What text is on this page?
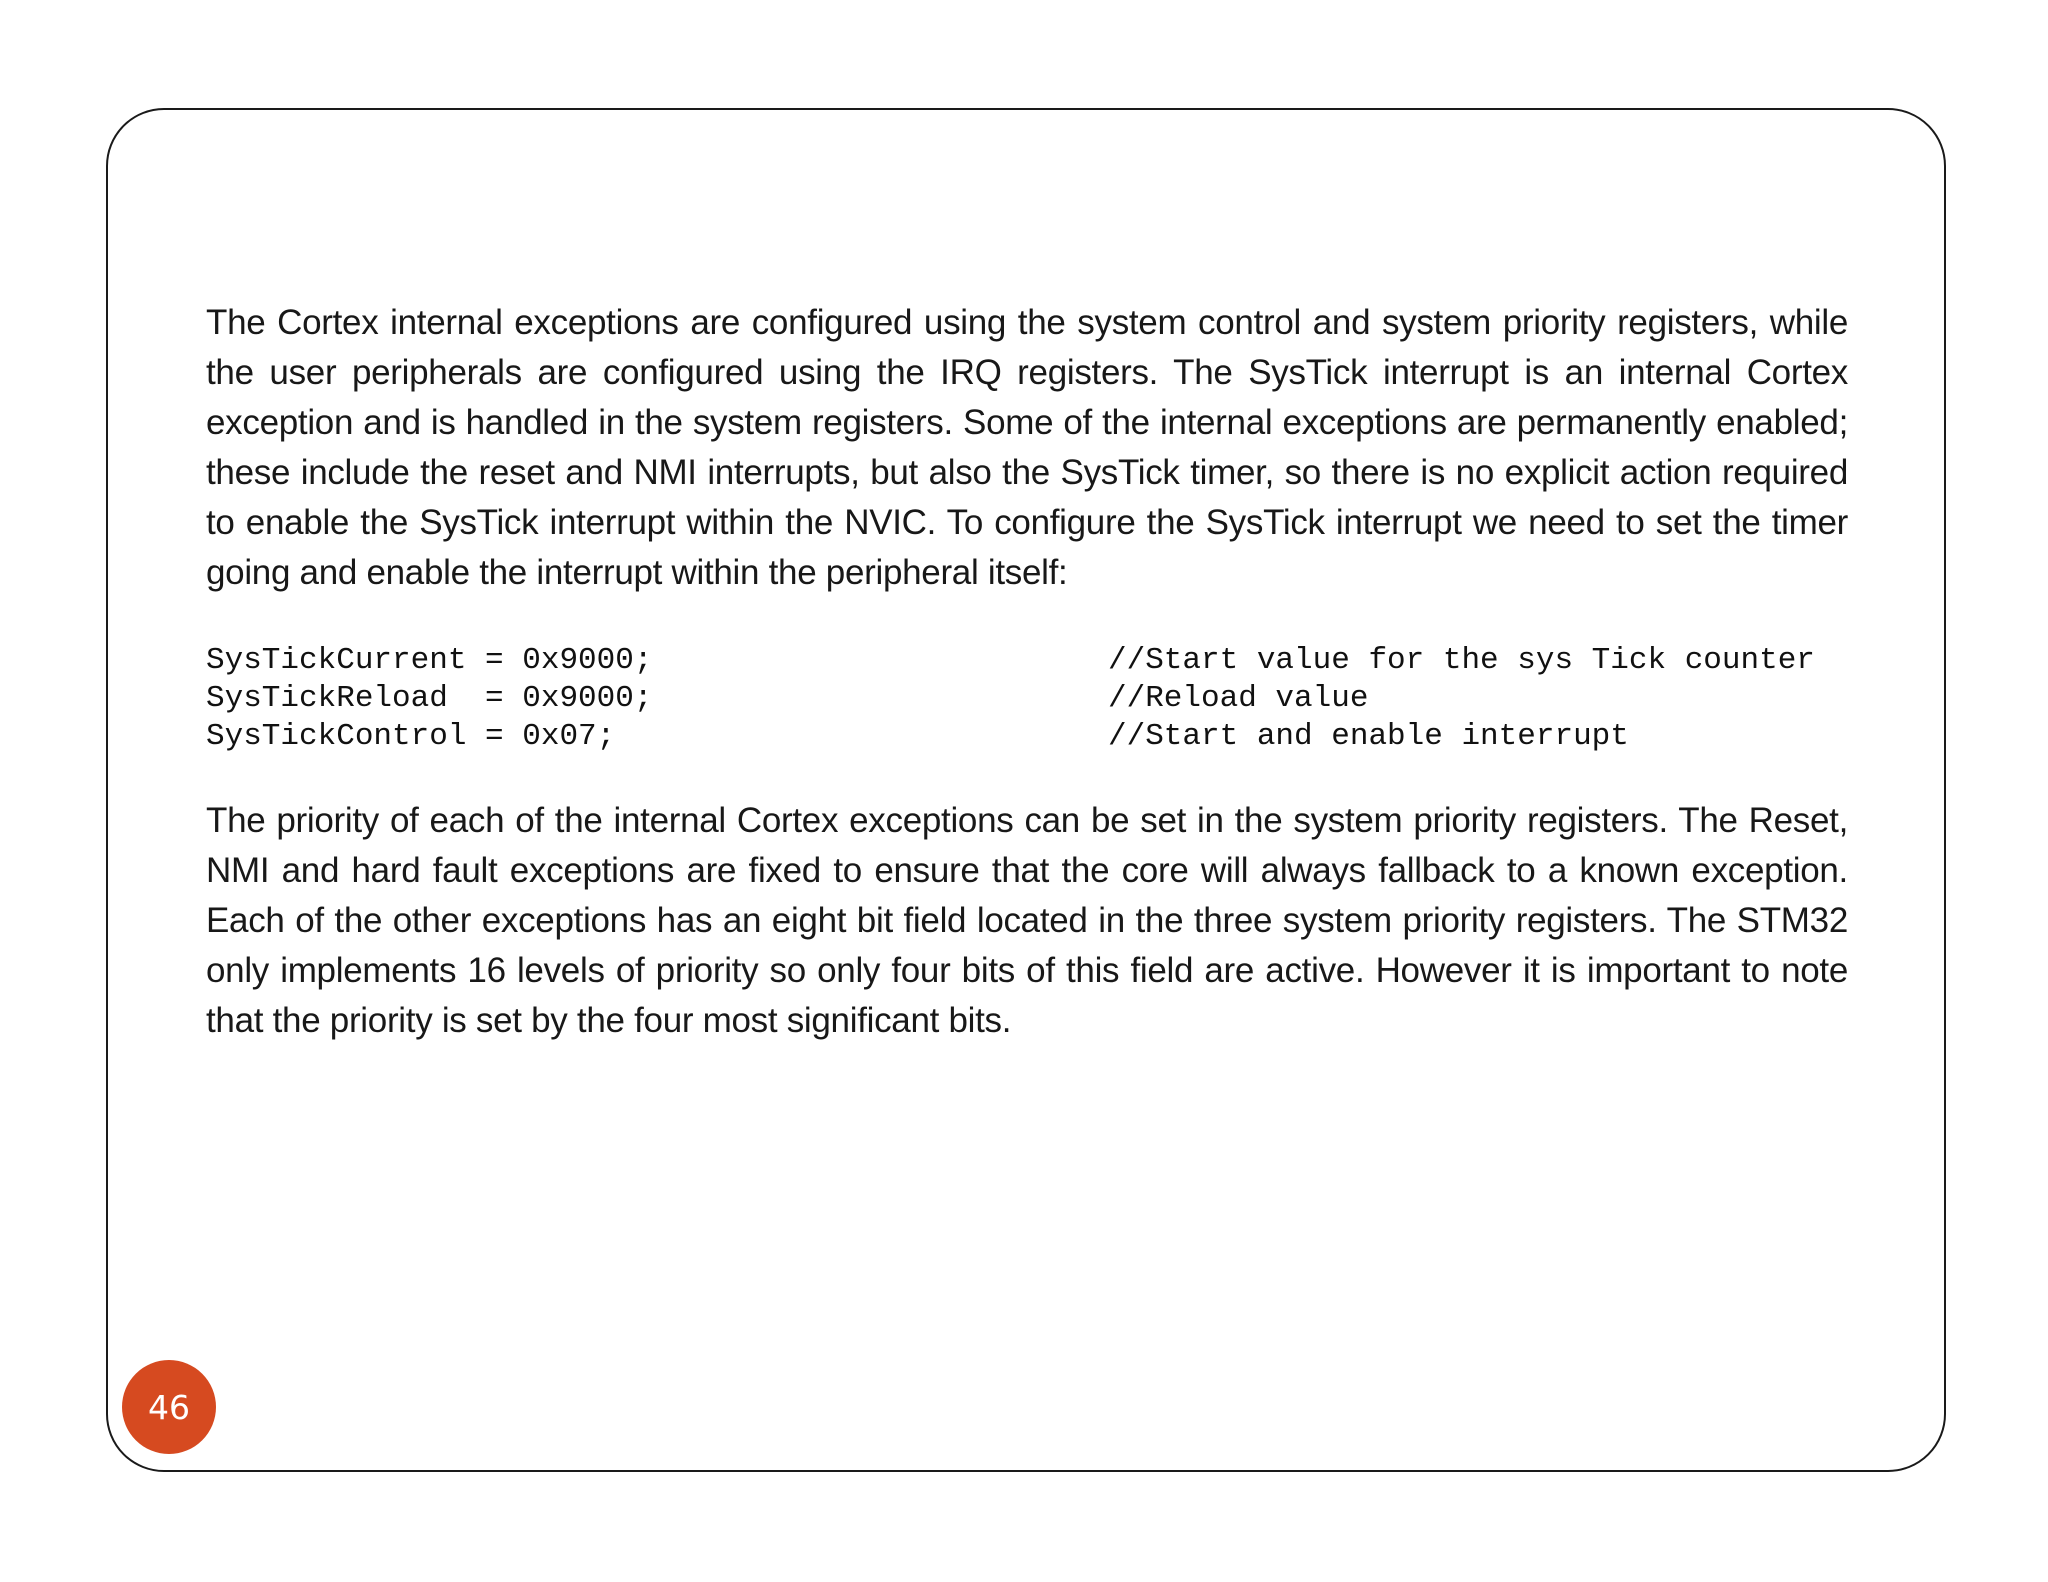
The Cortex internal exceptions are configured using the system control and system priority registers, while the user peripherals are configured using the IRQ registers. The SysTick interrupt is an internal Cortex exception and is handled in the system registers. Some of the internal exceptions are permanently enabled; these include the reset and NMI interrupts, but also the SysTick timer, so there is no explicit action required to enable the SysTick interrupt within the NVIC. To configure the SysTick interrupt we need to set the timer going and enable the interrupt within the peripheral itself:

SysTickCurrent = 0x9000;	//Start value for the sys Tick counter
SysTickReload  = 0x9000;	//Reload value
SysTickControl = 0x07;	//Start and enable interrupt

The priority of each of the internal Cortex exceptions can be set in the system priority registers. The Reset, NMI and hard fault exceptions are fixed to ensure that the core will always fallback to a known exception. Each of the other exceptions has an eight bit field located in the three system priority registers. The STM32 only implements 16 levels of priority so only four bits of this field are active. However it is important to note that the priority is set by the four most significant bits.

46
